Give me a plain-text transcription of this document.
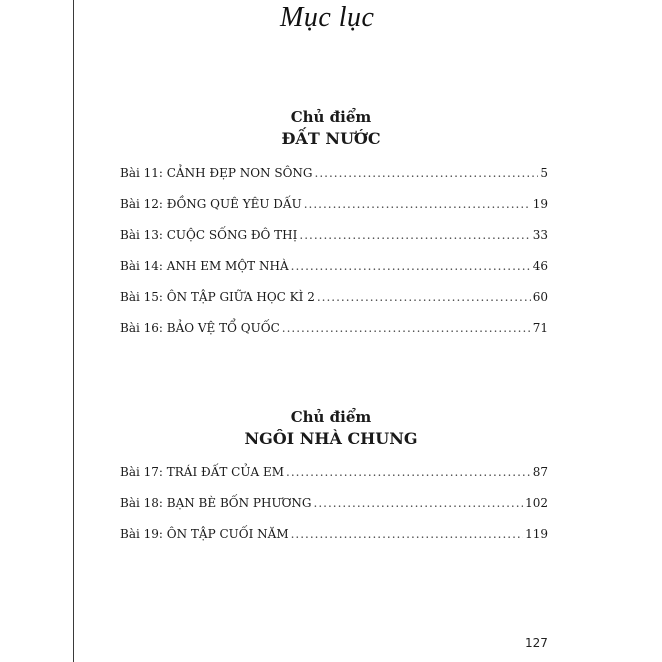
Mục lục
Chủ điểm
ĐẤT NƯỚC
Bài 11: CẢNH ĐẸP NON SÔNG .....	5
Bài 12: ĐỒNG QUÊ YÊU DẤU .....	19
Bài 13: CUỘC SỐNG ĐÔ THỊ .....	33
Bài 14: ANH EM MỘT NHÀ .....	46
Bài 15: ÔN TẬP GIỮA HỌC KÌ 2 .....	60
Bài 16: BẢO VỆ TỔ QUỐC .....	71
Chủ điểm
NGÔI NHÀ CHUNG
Bài 17: TRÁI ĐẤT CỦA EM .....	87
Bài 18: BẠN BÈ BỐN PHƯƠNG .....	102
Bài 19: ÔN TẬP CUỐI NĂM .....	119
127
